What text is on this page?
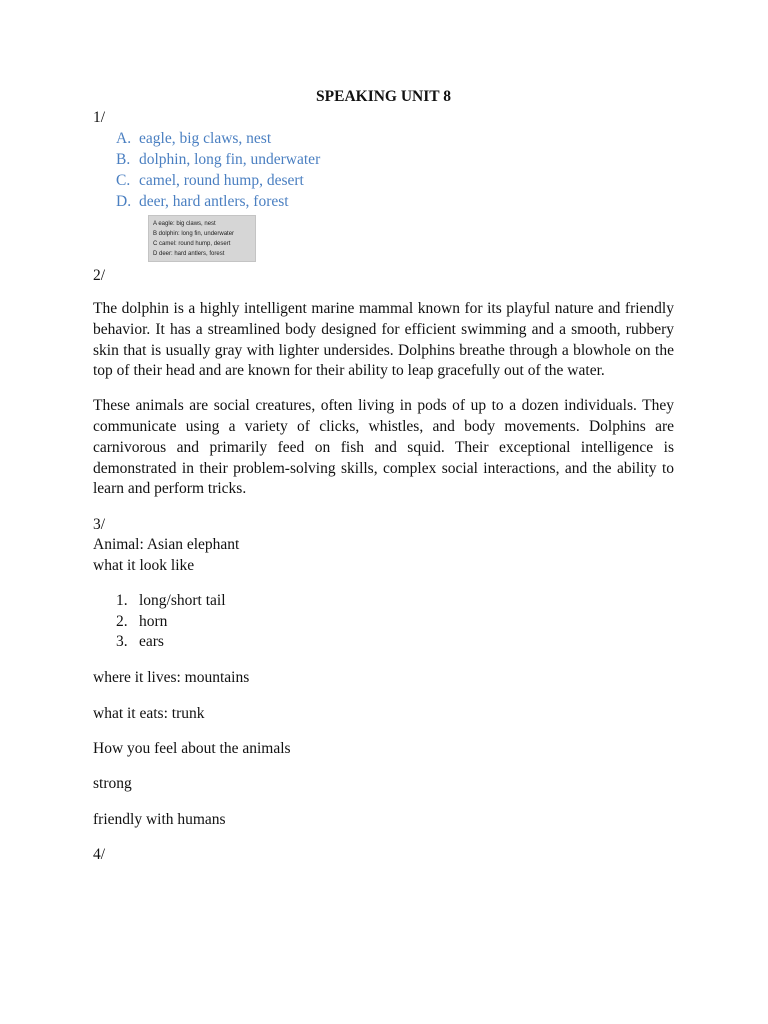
SPEAKING UNIT 8

1/

A. eagle, big claws, nest
B. dolphin, long fin, underwater
C. camel, round hump, desert
D. deer, hard antlers, forest
A eagle: big claws, nest
B dolphin: long fin, underwater
C camel: round hump, desert
D deer: hard antlers, forest

2/

The dolphin is a highly intelligent marine mammal known for its playful nature and friendly behavior. It has a streamlined body designed for efficient swimming and a smooth, rubbery skin that is usually gray with lighter undersides. Dolphins breathe through a blowhole on the top of their head and are known for their ability to leap gracefully out of the water.

These animals are social creatures, often living in pods of up to a dozen individuals. They communicate using a variety of clicks, whistles, and body movements. Dolphins are carnivorous and primarily feed on fish and squid. Their exceptional intelligence is demonstrated in their problem-solving skills, complex social interactions, and the ability to learn and perform tricks.

3/

Animal: Asian elephant

what it look like

1. long/short tail
2. horn
3. ears

where it lives: mountains

what it eats: trunk

How you feel about the animals

strong

friendly with humans

4/
